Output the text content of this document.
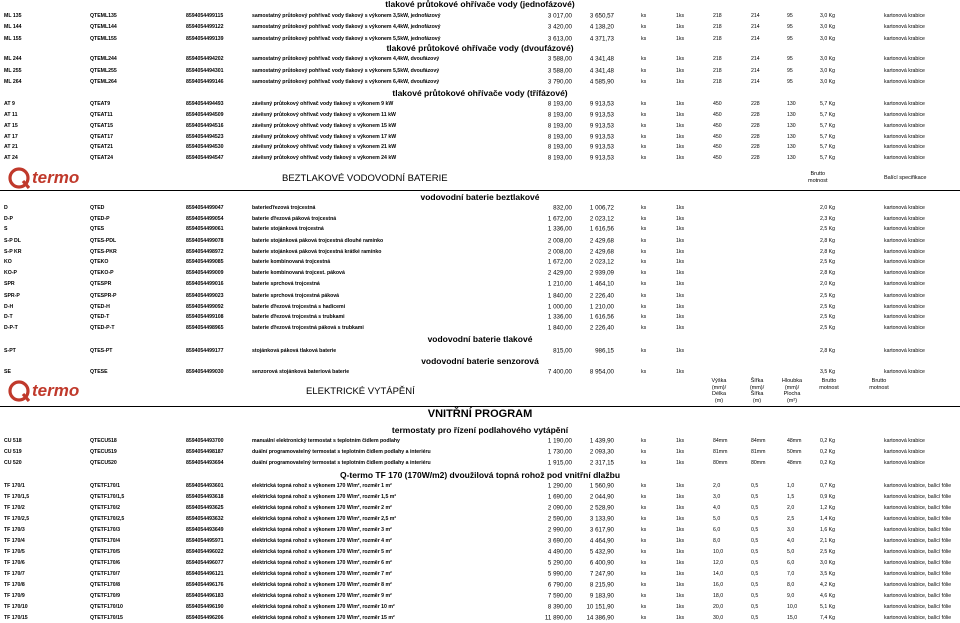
tlakové průtokové ohřívače vody (jednofázové)
ML 135	QTEML135	8594054499115	samostatný průtokový pohřívač vody tlakový s výkonem 3,5kW, jednofázový	3 017,00	3 650,57	ks	1ks	218	214	95	3,0 Kg	kartonová krabice
ML 144	QTEML144	8594054499122	samostatný průtokový pohřívač vody tlakový s výkonem 4,4kW, jednofázový	3 420,00	4 138,20	ks	1ks	218	214	95	3,0 Kg	kartonová krabice
ML 155	QTEML155	8594054499139	samostatný průtokový pohřívač vody tlakový s výkonem 5,5kW, jednofázový	3 613,00	4 371,73	ks	1ks	218	214	95	3,0 Kg	kartonová krabice
tlakové průtokové ohřívače vody (dvoufázové)
ML 244	QTEML244	8594054494202	samostatný průtokový pohřívač vody tlakový s výkonem 4,4kW, dvoufázový	3 588,00	4 341,48	ks	1ks	218	214	95	3,0 Kg	kartonová krabice
ML 255	QTEML255	8594054494301	samostatný průtokový pohřívač vody tlakový s výkonem 5,5kW, dvoufázový	3 588,00	4 341,48	ks	1ks	218	214	95	3,0 Kg	kartonová krabice
ML 264	QTEML264	8594054499146	samostatný průtokový pohřívač vody tlakový s výkonem 6,4kW, dvoufázový	3 790,00	4 585,90	ks	1ks	218	214	95	3,0 Kg	kartonová krabice
tlakové průtokové ohřívače vody (třífázové)
AT 9	QTEAT9	8594054494493	závěsný průtokový ohřívač vody tlakový s výkonem 9 kW	8 193,00	9 913,53	ks	1ks	450	228	130	5,7 Kg	kartonová krabice
AT 11	QTEAT11	8594054494509	závěsný průtokový ohřívač vody tlakový s výkonem 11 kW	8 193,00	9 913,53	ks	1ks	450	228	130	5,7 Kg	kartonová krabice
AT 15	QTEAT15	8594054494516	závěsný průtokový ohřívač vody tlakový s výkonem 15 kW	8 193,00	9 913,53	ks	1ks	450	228	130	5,7 Kg	kartonová krabice
AT 17	QTEAT17	8594054494523	závěsný průtokový ohřívač vody tlakový s výkonem 17 kW	8 193,00	9 913,53	ks	1ks	450	228	130	5,7 Kg	kartonová krabice
AT 21	QTEAT21	8594054494530	závěsný průtokový ohřívač vody tlakový s výkonem 21 kW	8 193,00	9 913,53	ks	1ks	450	228	130	5,7 Kg	kartonová krabice
AT 24	QTEAT24	8594054494547	závěsný průtokový ohřívač vody tlakový s výkonem 24 kW	8 193,00	9 913,53	ks	1ks	450	228	130	5,7 Kg	kartonová krabice
termo	BEZTLAKOVÉ VODOVODNÍ BATERIE	Brutto
motnost	Balící specifikace
vodovodní baterie beztlakové
D	QTED	8594054499047	baterieďřezová trojcestná	832,00	1 006,72	ks	1ks	2,0 Kg	kartonová krabice
D-P	QTED-P	8594054499054	baterie ďřezová páková trojcestná	1 672,00	2 023,12	ks	1ks	2,3 Kg	kartonová krabice
S	QTES	8594054499061	baterie stojánková trojcestná	1 336,00	1 616,56	ks	1ks	2,5 Kg	kartonová krabice
S-P DL	QTES-PDL	8594054499078	baterie stojánková páková trojcestná dlouhé ramínko	2 008,00	2 429,68	ks	1ks	2,8 Kg	kartonová krabice
S-P KR	QTES-PKR	8594054498972	baterie stojánková páková trojcestná krátké ramínko	2 008,00	2 429,68	ks	1ks	2,8 Kg	kartonová krabice
KO	QTEKO	8594054499085	baterie kombinovaná trojcestná	1 672,00	2 023,12	ks	1ks	2,5 Kg	kartonová krabice
KO-P	QTEKO-P	8594054499009	baterie kombinovaná trojcest. páková	2 429,00	2 939,09	ks	1ks	2,8 Kg	kartonová krabice
SPR	QTESPR	8594054499016	baterie sprchová trojcestná	1 210,00	1 464,10	ks	1ks	2,0 Kg	kartonová krabice
SPR-P	QTESPR-P	8594054499023	baterie sprchová trojcestná páková	1 840,00	2 226,40	ks	1ks	2,5 Kg	kartonová krabice
D-H	QTED-H	8594054499092	baterie ďřezová trojcestná s hadicemi	1 000,00	1 210,00	ks	1ks	2,5 Kg	kartonová krabice
D-T	QTED-T	8594054499108	baterie ďřezová trojcestná s trubkami	1 336,00	1 616,56	ks	1ks	2,5 Kg	kartonová krabice
D-P-T	QTED-P-T	8594054498965	baterie ďřezová trojcestná páková s trubkami	1 840,00	2 226,40	ks	1ks	2,5 Kg	kartonová krabice
vodovodní baterie tlakové
S-PT	QTES-PT	8594054499177	stojánková páková tlaková baterie	815,00	986,15	ks	1ks	2,8 Kg	kartonová krabice
vodovodní baterie senzorová
SE	QTESE	8594054499030	senzorová stojánková bateriová baterie	7 400,00	8 954,00	ks	1ks	3,5 Kg	kartonová krabice
termo	ELEKTRICKÉ VYTÁPĚNÍ
Výška (mm)/ Délka (m)
Šířka (mm)/ Šířka (m)
Hloubka (mm)/ Plocha (m²)
Brutto motnost
Brutto motnost
VNITŘNÍ PROGRAM
termostaty pro řízení podlahového vytápění
CU 518	QTECU518	8594054493700	manuální elektronický termostat s teplotním čidlem podlahy	1 190,00	1 439,90	ks	1ks	84mm	84mm	48mm	0,2 Kg	kartonová krabice
CU 519	QTECU519	8594054498187	duální programovatelný termostat s teplotním čidlem podlahy a interiéru	1 730,00	2 093,30	ks	1ks	81mm	81mm	50mm	0,2 Kg	kartonová krabice
CU 520	QTECU520	8594054493694	duální programovatelný termostat s teplotním čidlem podlahy a interiéru	1 915,00	2 317,15	ks	1ks	80mm	80mm	48mm	0,2 Kg	kartonová krabice
Q-termo TF 170 (170W/m2) dvoužilová topná rohož pod vnitřní dlažbu
TF 170/1	QTETF170/1	8594054493601	elektrická topná rohož s výkonem 170 W/m², rozměr 1 m²	1 290,00	1 560,90	ks	1ks	2,0	0,5	1,0	0,7 Kg	kartonová krabice, balící fólie
TF 170/1,5	QTETF170/1,5	8594054493618	elektrická topná rohož s výkonem 170 W/m², rozměr 1,5 m²	1 690,00	2 044,90	ks	1ks	3,0	0,5	1,5	0,9 Kg	kartonová krabice, balící fólie
TF 170/2	QTETF170/2	8594054493625	elektrická topná rohož s výkonem 170 W/m², rozměr 2 m²	2 090,00	2 528,90	ks	1ks	4,0	0,5	2,0	1,2 Kg	kartonová krabice, balící fólie
TF 170/2,5	QTETF170/2,5	8594054493632	elektrická topná rohož s výkonem 170 W/m², rozměr 2,5 m²	2 590,00	3 133,90	ks	1ks	5,0	0,5	2,5	1,4 Kg	kartonová krabice, balící fólie
TF 170/3	QTETF170/3	8594054493649	elektrická topná rohož s výkonem 170 W/m², rozměr 3 m²	2 990,00	3 617,90	ks	1ks	6,0	0,5	3,0	1,6 Kg	kartonová krabice, balící fólie
TF 170/4	QTETF170/4	8594054495971	elektrická topná rohož s výkonem 170 W/m², rozměr 4 m²	3 690,00	4 464,90	ks	1ks	8,0	0,5	4,0	2,1 Kg	kartonová krabice, balící fólie
TF 170/5	QTETF170/5	8594054496022	elektrická topná rohož s výkonem 170 W/m², rozměr 5 m²	4 490,00	5 432,90	ks	1ks	10,0	0,5	5,0	2,5 Kg	kartonová krabice, balící fólie
TF 170/6	QTETF170/6	8594054496077	elektrická topná rohož s výkonem 170 W/m², rozměr 6 m²	5 290,00	6 400,90	ks	1ks	12,0	0,5	6,0	3,0 Kg	kartonová krabice, balící fólie
TF 170/7	QTETF170/7	8594054496121	elektrická topná rohož s výkonem 170 W/m², rozměr 7 m²	5 990,00	7 247,90	ks	1ks	14,0	0,5	7,0	3,5 Kg	kartonová krabice, balící fólie
TF 170/8	QTETF170/8	8594054496176	elektrická topná rohož s výkonem 170 W/m², rozměr 8 m²	6 790,00	8 215,90	ks	1ks	16,0	0,5	8,0	4,2 Kg	kartonová krabice, balící fólie
TF 170/9	QTETF170/9	8594054496183	elektrická topná rohož s výkonem 170 W/m², rozměr 9 m²	7 590,00	9 183,90	ks	1ks	18,0	0,5	9,0	4,6 Kg	kartonová krabice, balící fólie
TF 170/10	QTETF170/10	8594054496190	elektrická topná rohož s výkonem 170 W/m², rozměr 10 m²	8 390,00 10 151,90	ks	1ks	20,0	0,5	10,0	5,1 Kg	kartonová krabice, balící fólie
TF 170/15	QTETF170/15	8594054496206	elektrická topná rohož s výkonem 170 W/m², rozměr 15 m²	11 890,00 14 386,90	ks	1ks	30,0	0,5	15,0	7,4 Kg	kartonová krabice, balící fólie
